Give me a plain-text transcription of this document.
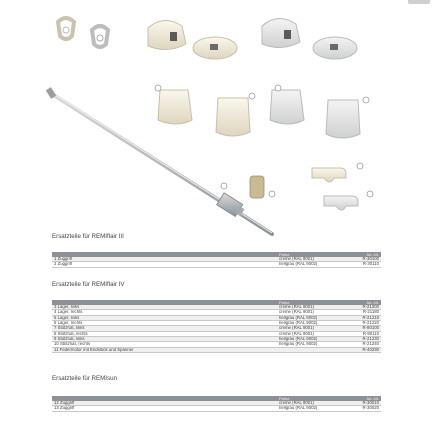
Ersatzteile für REMIflair III
	Farbe	Art.-Nr.
1 Zuggriff	creme (RAL 9001)	R-30100
2 Zuggriff	hellgrau (RAL 9002)	R-30110
Ersatzteile für REMIflair IV
	Farbe	Art.-Nr.
3 Lager, links	creme (RAL 9001)	R-21200
4 Lager, rechts	creme (RAL 9001)	R-21180
5 Lager, links	hellgrau (RAL 9002)	R-21210
6 Lager, rechts	hellgrau (RAL 9002)	R-21220
7 Stützfuß, links	creme (RAL 9001)	R-80100
8 Stützfuß, rechts	creme (RAL 9001)	R-80110
9 Stützfuß, links	hellgrau (RAL 9002)	R-21230
10 Stützfuß, rechts	hellgrau (RAL 9002)	R-21240
11 Federmotor mit Endstück und Spanner		R-40290
Ersatzteile für REMIsun
	Farbe	Art.-Nr.
12 Zuggriff	creme (RAL 9001)	R-30010
13 Zuggriff	hellgrau (RAL 9002)	R-30020
